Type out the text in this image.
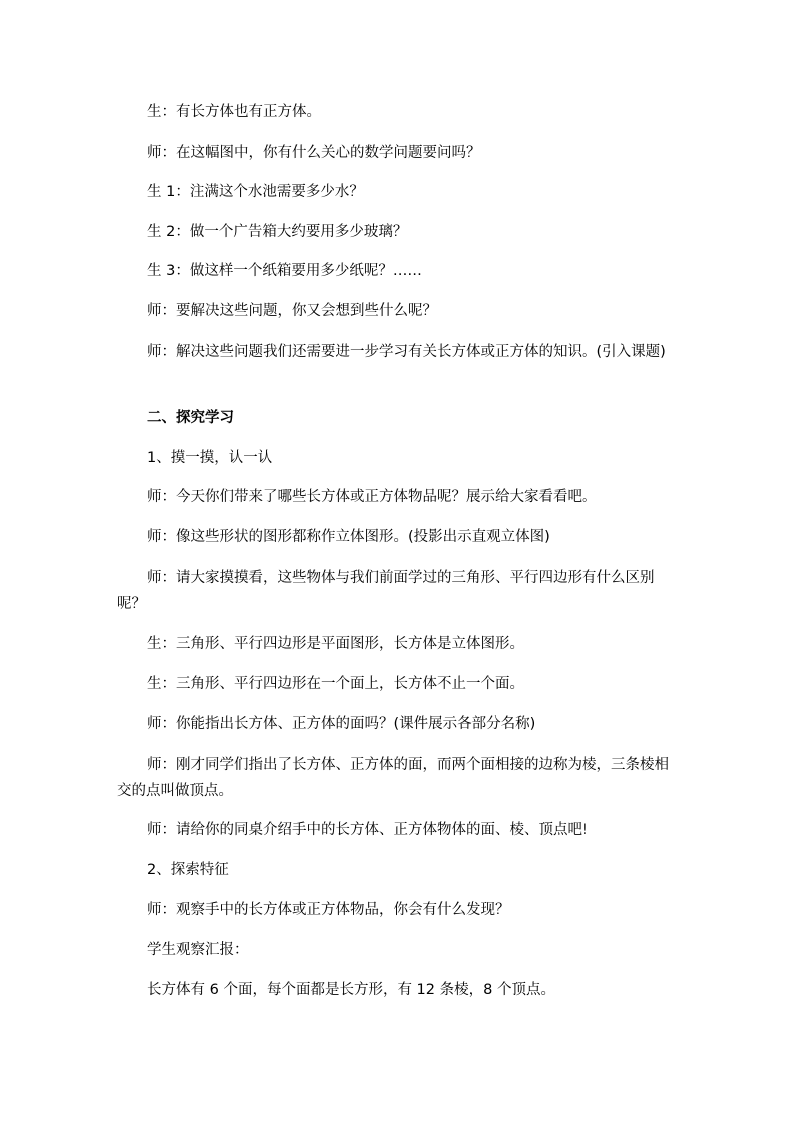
生：有长方体也有正方体。
师：在这幅图中，你有什么关心的数学问题要问吗？
生 1：注满这个水池需要多少水？
生 2：做一个广告箱大约要用多少玻璃？
生 3：做这样一个纸箱要用多少纸呢？……
师：要解决这些问题，你又会想到些什么呢？
师：解决这些问题我们还需要进一步学习有关长方体或正方体的知识。(引入课题)
二、探究学习
1、摸一摸，认一认
师：今天你们带来了哪些长方体或正方体物品呢？展示给大家看看吧。
师：像这些形状的图形都称作立体图形。(投影出示直观立体图)
师：请大家摸摸看，这些物体与我们前面学过的三角形、平行四边形有什么区别呢？
生：三角形、平行四边形是平面图形，长方体是立体图形。
生：三角形、平行四边形在一个面上，长方体不止一个面。
师：你能指出长方体、正方体的面吗？(课件展示各部分名称)
师：刚才同学们指出了长方体、正方体的面，而两个面相接的边称为棱，三条棱相交的点叫做顶点。
师：请给你的同桌介绍手中的长方体、正方体物体的面、棱、顶点吧!
2、探索特征
师：观察手中的长方体或正方体物品，你会有什么发现？
学生观察汇报：
长方体有 6 个面，每个面都是长方形，有 12 条棱，8 个顶点。
